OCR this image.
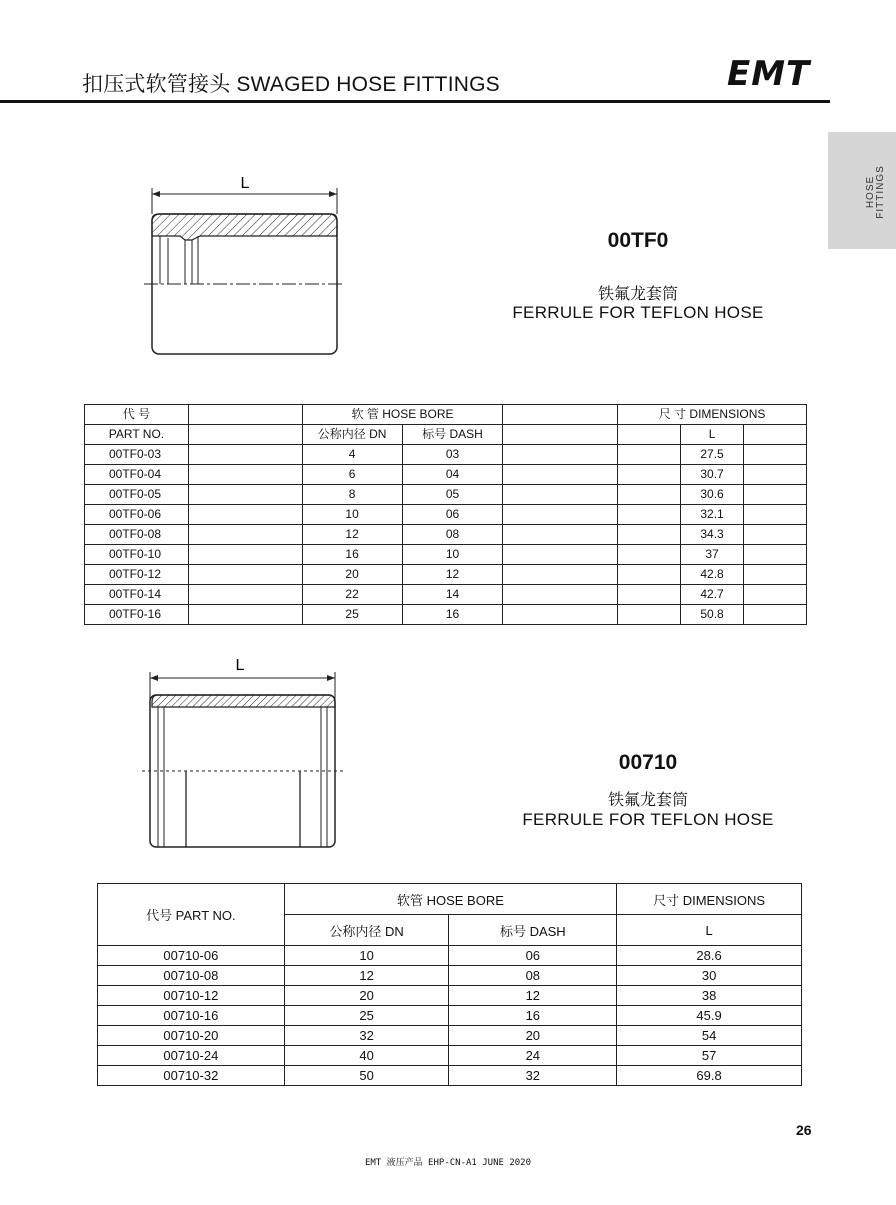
扣压式软管接头 SWAGED HOSE FITTINGS	EMT
HOSE FITTINGS
L
00TF0
铁氟龙套筒
FERRULE FOR TEFLON HOSE
代 号		软 管 HOSE BORE			尺 寸 DIMENSIONS		
PART NO.		公称内径 DN	标号 DASH			L	
00TF0-03		4	03			27.5	
00TF0-04		6	04			30.7	
00TF0-05		8	05			30.6	
00TF0-06		10	06			32.1	
00TF0-08		12	08			34.3	
00TF0-10		16	10			37	
00TF0-12		20	12			42.8	
00TF0-14		22	14			42.7	
00TF0-16		25	16			50.8	
L
00710
铁氟龙套筒
FERRULE FOR TEFLON HOSE
代号 PART NO.	软管 HOSE BORE		尺寸 DIMENSIONS
	公称内径 DN	标号 DASH	L
00710-06	10	06	28.6
00710-08	12	08	30
00710-12	20	12	38
00710-16	25	16	45.9
00710-20	32	20	54
00710-24	40	24	57
00710-32	50	32	69.8
26
EMT 液压产品 EHP-CN-A1 JUNE 2020
